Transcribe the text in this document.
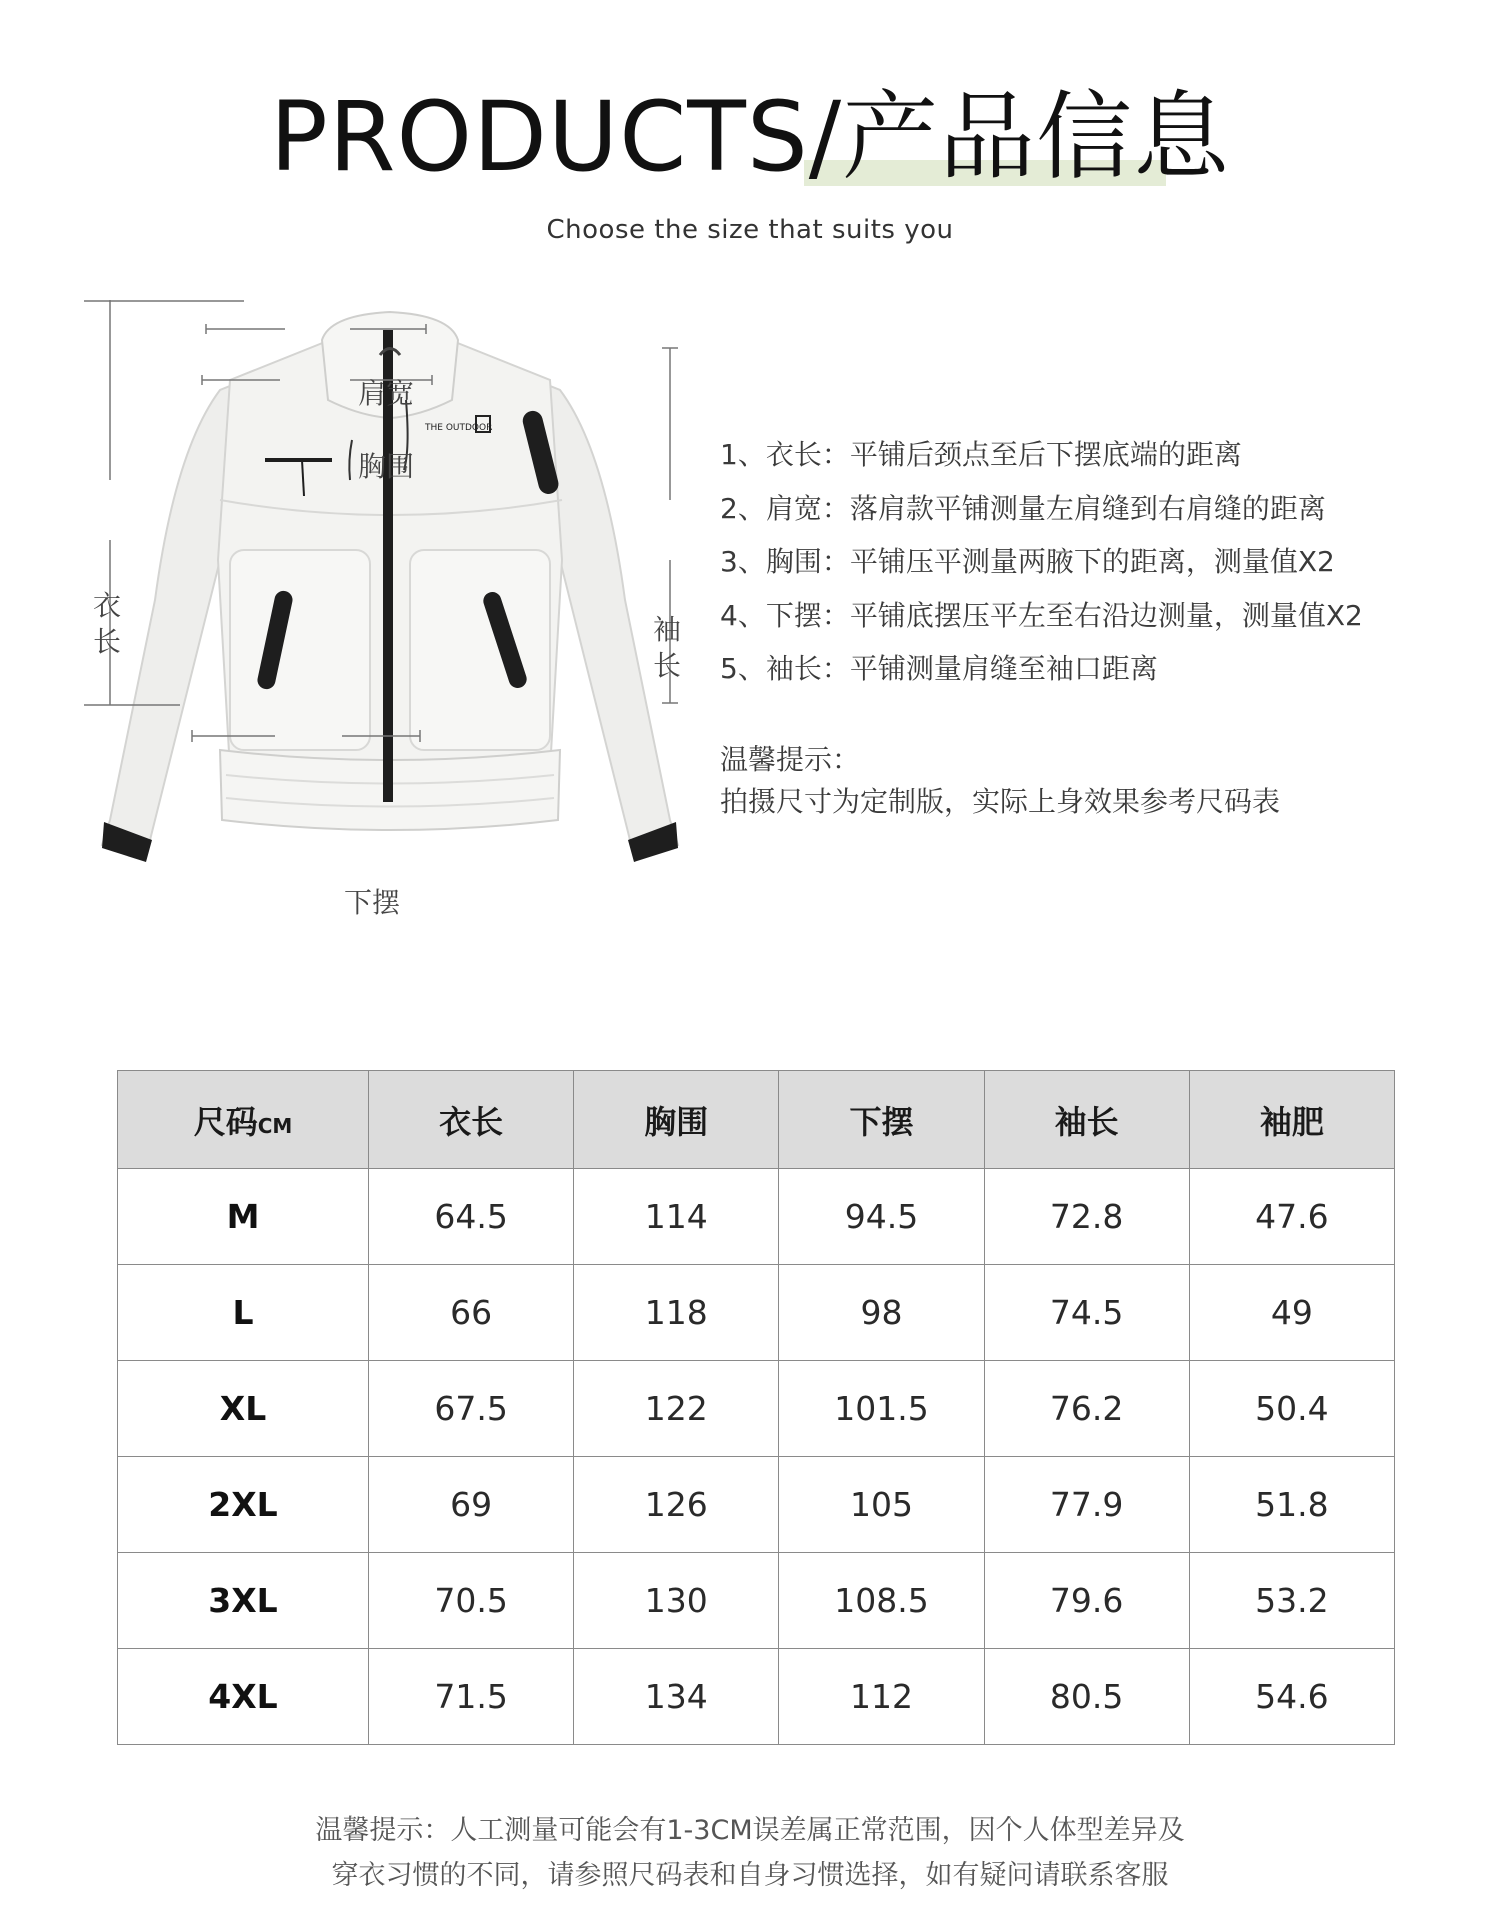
PRODUCTS/产品信息
Choose the size that suits you
THE OUTDOOR
肩宽
胸围
下摆
衣长	袖长
1、衣长：平铺后颈点至后下摆底端的距离
2、肩宽：落肩款平铺测量左肩缝到右肩缝的距离
3、胸围：平铺压平测量两腋下的距离，测量值X2
4、下摆：平铺底摆压平左至右沿边测量，测量值X2
5、袖长：平铺测量肩缝至袖口距离
温馨提示：
拍摄尺寸为定制版，实际上身效果参考尺码表
尺码CM	衣长	胸围	下摆	袖长	袖肥
M	64.5	114	94.5	72.8	47.6
L	66	118	98	74.5	49
XL	67.5	122	101.5	76.2	50.4
2XL	69	126	105	77.9	51.8
3XL	70.5	130	108.5	79.6	53.2
4XL	71.5	134	112	80.5	54.6
温馨提示：人工测量可能会有1-3CM误差属正常范围，因个人体型差异及
穿衣习惯的不同，请参照尺码表和自身习惯选择，如有疑问请联系客服
